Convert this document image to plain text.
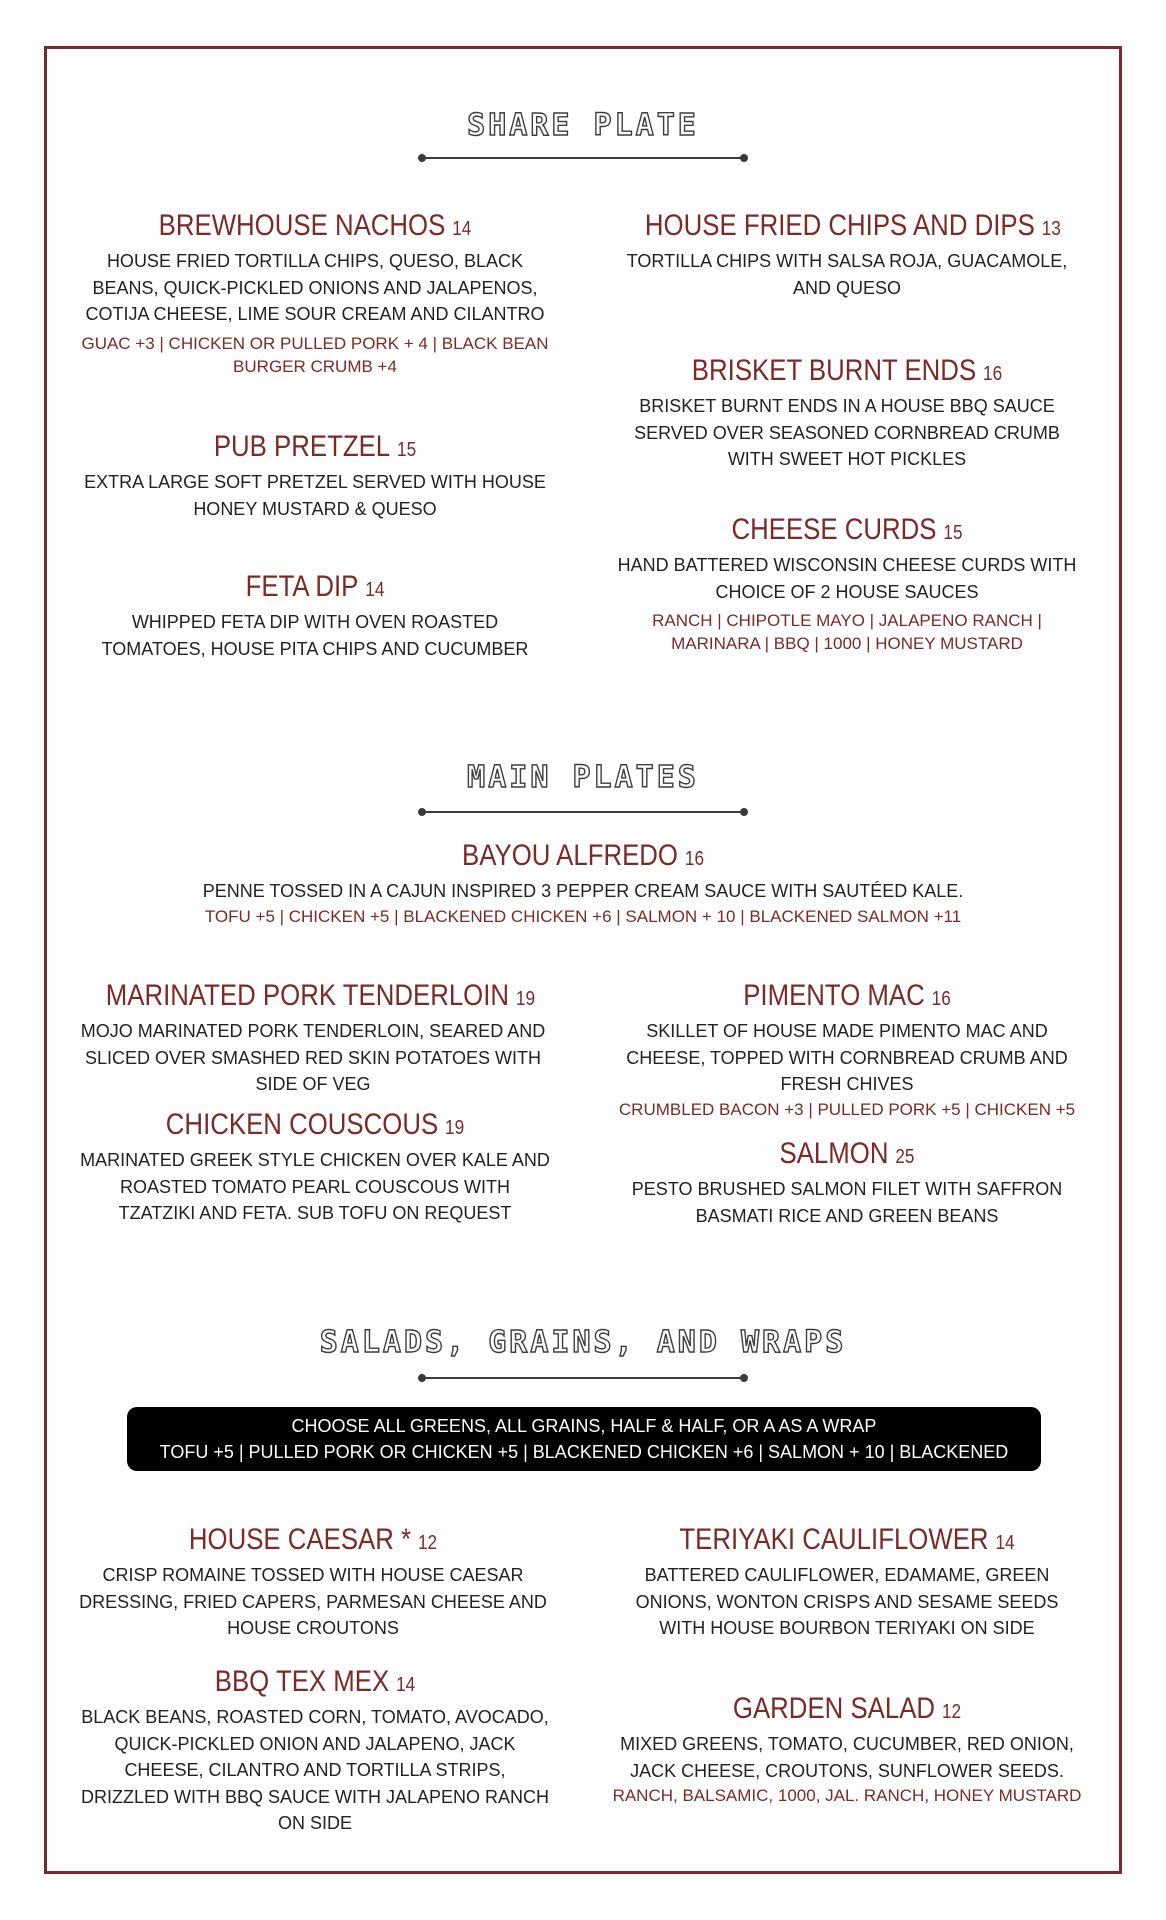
SHARE PLATE
BREWHOUSE NACHOS 14
HOUSE FRIED TORTILLA CHIPS, QUESO, BLACK BEANS, QUICK-PICKLED ONIONS AND JALAPENOS, COTIJA CHEESE, LIME SOUR CREAM AND CILANTRO
GUAC +3 | CHICKEN OR PULLED PORK + 4 | BLACK BEAN BURGER CRUMB +4
HOUSE FRIED CHIPS AND DIPS 13
TORTILLA CHIPS WITH SALSA ROJA, GUACAMOLE, AND QUESO
BRISKET BURNT ENDS 16
BRISKET BURNT ENDS IN A HOUSE BBQ SAUCE SERVED OVER SEASONED CORNBREAD CRUMB WITH SWEET HOT PICKLES
PUB PRETZEL 15
EXTRA LARGE SOFT PRETZEL SERVED WITH HOUSE HONEY MUSTARD & QUESO
CHEESE CURDS 15
HAND BATTERED WISCONSIN CHEESE CURDS WITH CHOICE OF 2 HOUSE SAUCES
RANCH | CHIPOTLE MAYO | JALAPENO RANCH | MARINARA | BBQ | 1000 | HONEY MUSTARD
FETA DIP 14
WHIPPED FETA DIP WITH OVEN ROASTED TOMATOES, HOUSE PITA CHIPS AND CUCUMBER
MAIN PLATES
BAYOU ALFREDO 16
PENNE TOSSED IN A CAJUN INSPIRED 3 PEPPER CREAM SAUCE WITH SAUTÉED KALE.
TOFU +5 | CHICKEN +5 | BLACKENED CHICKEN +6 | SALMON + 10 | BLACKENED SALMON +11
MARINATED PORK TENDERLOIN 19
MOJO MARINATED PORK TENDERLOIN, SEARED AND SLICED OVER SMASHED RED SKIN POTATOES WITH SIDE OF VEG
PIMENTO MAC 16
SKILLET OF HOUSE MADE PIMENTO MAC AND CHEESE, TOPPED WITH CORNBREAD CRUMB AND FRESH CHIVES
CRUMBLED BACON +3 | PULLED PORK +5 | CHICKEN +5
CHICKEN COUSCOUS 19
MARINATED GREEK STYLE CHICKEN OVER KALE AND ROASTED TOMATO PEARL COUSCOUS WITH TZATZIKI AND FETA. SUB TOFU ON REQUEST
SALMON 25
PESTO BRUSHED SALMON FILET WITH SAFFRON BASMATI RICE AND GREEN BEANS
SALADS, GRAINS, AND WRAPS
CHOOSE ALL GREENS, ALL GRAINS, HALF & HALF, OR A AS A WRAP
TOFU +5 | PULLED PORK OR CHICKEN +5 | BLACKENED CHICKEN +6 | SALMON + 10 | BLACKENED SALMON +11
HOUSE CAESAR * 12
CRISP ROMAINE TOSSED WITH HOUSE CAESAR DRESSING, FRIED CAPERS, PARMESAN CHEESE AND HOUSE CROUTONS
TERIYAKI CAULIFLOWER 14
BATTERED CAULIFLOWER, EDAMAME, GREEN ONIONS, WONTON CRISPS AND SESAME SEEDS WITH HOUSE BOURBON TERIYAKI ON SIDE
BBQ TEX MEX 14
BLACK BEANS, ROASTED CORN, TOMATO, AVOCADO, QUICK-PICKLED ONION AND JALAPENO, JACK CHEESE, CILANTRO AND TORTILLA STRIPS, DRIZZLED WITH BBQ SAUCE WITH JALAPENO RANCH ON SIDE
GARDEN SALAD 12
MIXED GREENS, TOMATO, CUCUMBER, RED ONION, JACK CHEESE, CROUTONS, SUNFLOWER SEEDS.
RANCH, BALSAMIC, 1000, JAL. RANCH, HONEY MUSTARD
